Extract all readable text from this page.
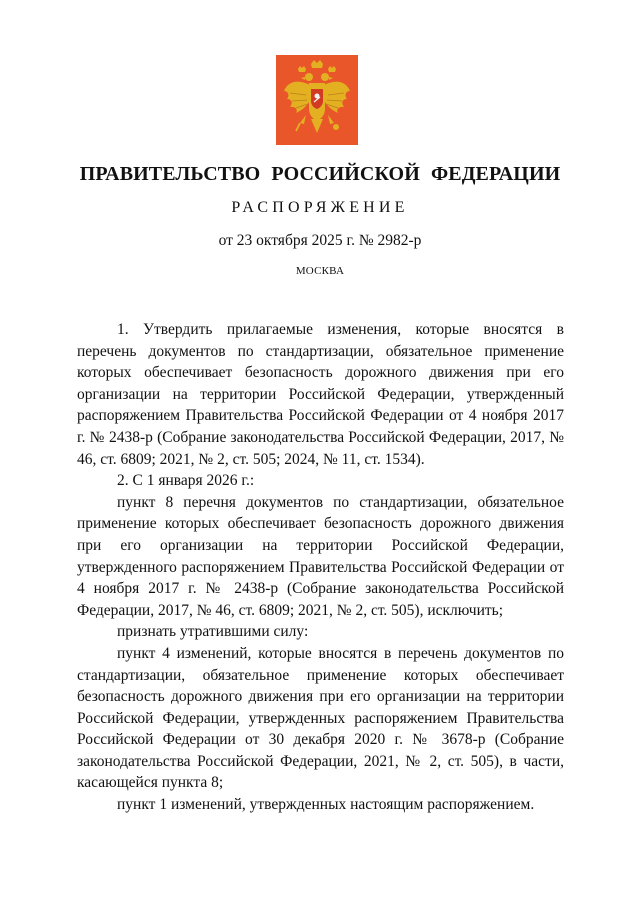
ПРАВИТЕЛЬСТВО РОССИЙСКОЙ ФЕДЕРАЦИИ
РАСПОРЯЖЕНИЕ
от 23 октября 2025 г. № 2982-р
МОСКВА

1. Утвердить прилагаемые изменения, которые вносятся в перечень документов по стандартизации, обязательное применение которых обеспечивает безопасность дорожного движения при его организации на территории Российской Федерации, утвержденный распоряжением Правительства Российской Федерации от 4 ноября 2017 г. № 2438-р (Собрание законодательства Российской Федерации, 2017, № 46, ст. 6809; 2021, № 2, ст. 505; 2024, № 11, ст. 1534).

2. С 1 января 2026 г.:

пункт 8 перечня документов по стандартизации, обязательное применение которых обеспечивает безопасность дорожного движения при его организации на территории Российской Федерации, утвержденного распоряжением Правительства Российской Федерации от 4 ноября 2017 г. № 2438-р (Собрание законодательства Российской Федерации, 2017, № 46, ст. 6809; 2021, № 2, ст. 505), исключить;

признать утратившими силу:

пункт 4 изменений, которые вносятся в перечень документов по стандартизации, обязательное применение которых обеспечивает безопасность дорожного движения при его организации на территории Российской Федерации, утвержденных распоряжением Правительства Российской Федерации от 30 декабря 2020 г. № 3678-р (Собрание законодательства Российской Федерации, 2021, № 2, ст. 505), в части, касающейся пункта 8;

пункт 1 изменений, утвержденных настоящим распоряжением.
